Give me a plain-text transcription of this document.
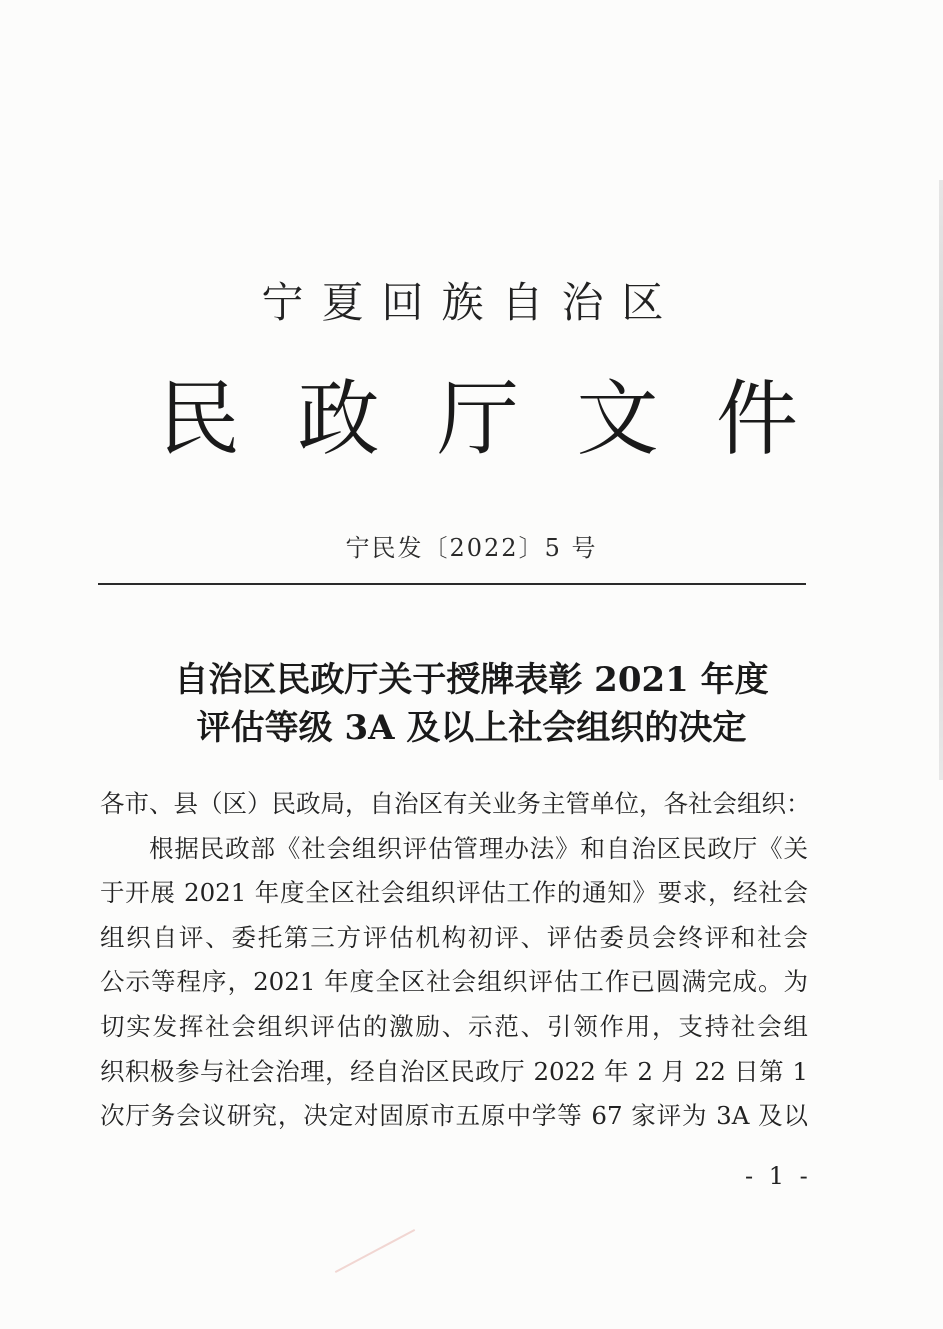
宁夏回族自治区
民 政 厅 文 件
宁民发〔2022〕5 号
自治区民政厅关于授牌表彰 2021 年度
评估等级 3A 及以上社会组织的决定
各市、县（区）民政局，自治区有关业务主管单位，各社会组织：
根据民政部《社会组织评估管理办法》和自治区民政厅《关
于开展 2021 年度全区社会组织评估工作的通知》要求，经社会
组织自评、委托第三方评估机构初评、评估委员会终评和社会
公示等程序，2021 年度全区社会组织评估工作已圆满完成。为
切实发挥社会组织评估的激励、示范、引领作用，支持社会组
织积极参与社会治理，经自治区民政厅 2022 年 2 月 22 日第 1
次厅务会议研究，决定对固原市五原中学等 67 家评为 3A 及以
- 1 -
